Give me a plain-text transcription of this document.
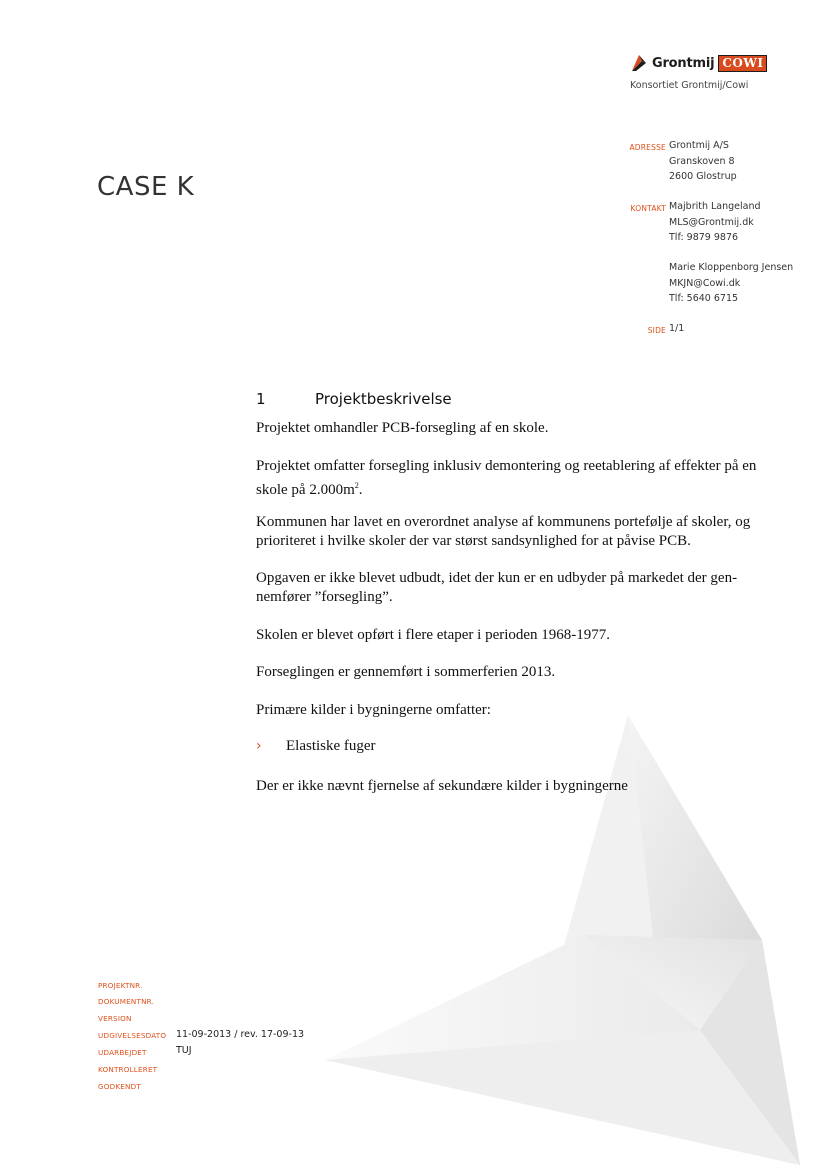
Grontmij COWI
Konsortiet Grontmij/Cowi
ADRESSE Grontmij A/S
Granskoven 8
2600 Glostrup
KONTAKT Majbrith Langeland
MLS@Grontmij.dk
Tlf: 9879 9876
Marie Kloppenborg Jensen
MKJN@Cowi.dk
Tlf: 5640 6715
SIDE 1/1
CASE K
1	Projektbeskrivelse
Projektet omhandler PCB-forsegling af en skole.
Projektet omfatter forsegling inklusiv demontering og reetablering af effekter på en skole på $2.000m^2$.
Kommunen har lavet en overordnet analyse af kommunens portefølje af skoler, og prioriteret i hvilke skoler der var størst sandsynlighed for at påvise PCB.
Opgaven er ikke blevet udbudt, idet der kun er en udbyder på markedet der gen-nemfører ”forsegling”.
Skolen er blevet opført i flere etaper i perioden 1968-1977.
Forseglingen er gennemført i sommerferien 2013.
Primære kilder i bygningerne omfatter:
› Elastiske fuger
Der er ikke nævnt fjernelse af sekundære kilder i bygningerne
PROJEKTNR.
DOKUMENTNR.
VERSION
UDGIVELSESDATO 11-09-2013 / rev. 17-09-13
UDARBEJDET	TUJ
KONTROLLERET
GODKENDT
